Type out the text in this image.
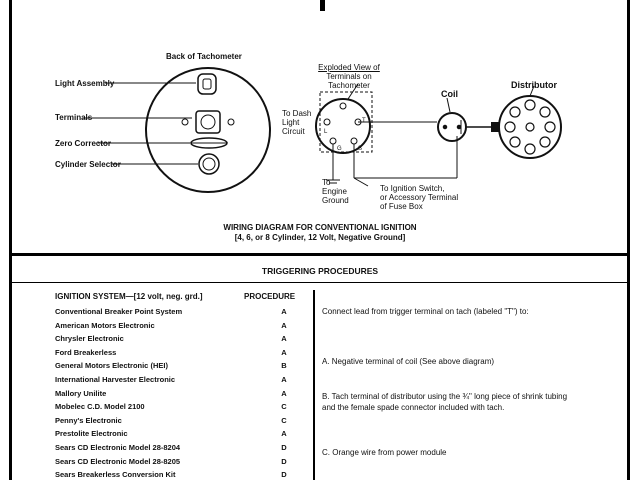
Back of Tachometer
Light Assembly
Terminals
Zero Corrector
Cylinder Selector
Exploded View of
Terminals on
Tachometer
L
T
G	S
To Dash
Light
Circuit
To
Engine
Ground
To Ignition Switch,
or Accessory Terminal
of Fuse Box
Coil
Distributor
WIRING DIAGRAM FOR CONVENTIONAL IGNITION
[4, 6, or 8 Cylinder, 12 Volt, Negative Ground]
TRIGGERING PROCEDURES
IGNITION SYSTEM—[12 volt, neg. grd.]	PROCEDURE
Conventional Breaker Point System	A
American Motors Electronic	A
Chrysler Electronic	A
Ford Breakerless	A
General Motors Electronic (HEI)	B
International Harvester Electronic	A
Mallory Unilite	A
Mobelec C.D. Model 2100	C
Penny's Electronic	C
Prestolite Electronic	A
Sears CD Electronic Model 28-8204	D
Sears CD Electronic Model 28-8205	D
Sears Breakerless Conversion Kit	D
Connect lead from trigger terminal on tach (labeled "T") to:
A. Negative terminal of coil (See above diagram)
B. Tach terminal of distributor using the ¾" long piece of shrink tubing and the female spade connector included with tach.
C. Orange wire from power module
